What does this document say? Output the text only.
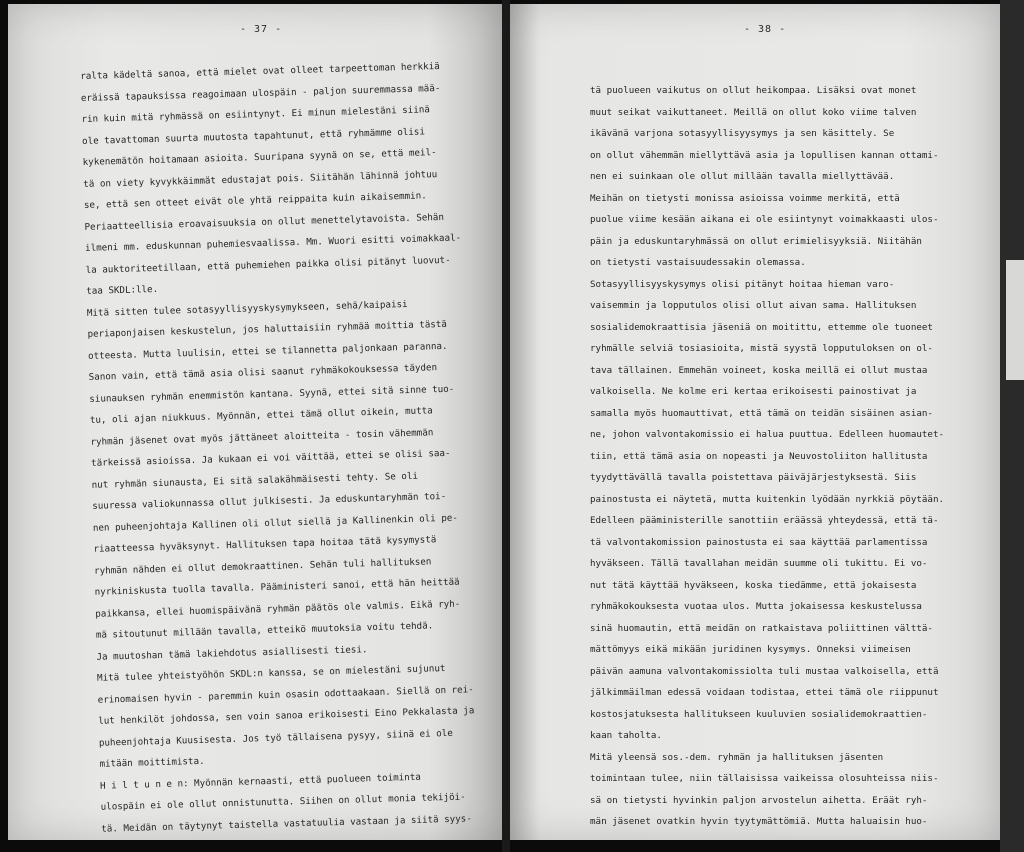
- 37 -
ralta kädeltä sanoa, että mielet ovat olleet tarpeettoman herkkiä
eräissä tapauksissa reagoimaan ulospäin - paljon suuremmassa mää-
rin kuin mitä ryhmässä on esiintynyt. Ei minun mielestäni siinä
ole tavattoman suurta muutosta tapahtunut, että ryhmämme olisi
kykenemätön hoitamaan asioita. Suuripana syynä on se, että meil-
tä on viety kyvykkäimmät edustajat pois. Siitähän lähinnä johtuu
se, että sen otteet eivät ole yhtä reippaita kuin aikaisemmin.
Periaatteellisia eroavaisuuksia on ollut menettelytavoista. Sehän
ilmeni mm. eduskunnan puhemiesvaalissa. Mm. Wuori esitti voimakkaal-
la auktoriteetillaan, että puhemiehen paikka olisi pitänyt luovut-
taa SKDL:lle.
Mitä sitten tulee sotasyyllisyyskysymykseen, sehä/kaipaisi
periaponjaisen keskustelun, jos haluttaisiin ryhmää moittia tästä
otteesta. Mutta luulisin, ettei se tilannetta paljonkaan paranna.
Sanon vain, että tämä asia olisi saanut ryhmäkokouksessa täyden
siunauksen ryhmän enemmistön kantana. Syynä, ettei sitä sinne tuo-
tu, oli ajan niukkuus. Myönnän, ettei tämä ollut oikein, mutta
ryhmän jäsenet ovat myös jättäneet aloitteita - tosin vähemmän
tärkeissä asioissa. Ja kukaan ei voi väittää, ettei se olisi saa-
nut ryhmän siunausta, Ei sitä salakähmäisesti tehty. Se oli
suuressa valiokunnassa ollut julkisesti. Ja eduskuntaryhmän toi-
nen puheenjohtaja Kallinen oli ollut siellä ja Kallinenkin oli pe-
riaatteessa hyväksynyt. Hallituksen tapa hoitaa tätä kysymystä
ryhmän nähden ei ollut demokraattinen. Sehän tuli hallituksen
nyrkiniskusta tuolla tavalla. Pääministeri sanoi, että hän heittää
paikkansa, ellei huomispäivänä ryhmän päätös ole valmis. Eikä ryh-
mä sitoutunut millään tavalla, etteikö muutoksia voitu tehdä.
Ja muutoshan tämä lakiehdotus asiallisesti tiesi.
Mitä tulee yhteistyöhön SKDL:n kanssa, se on mielestäni sujunut
erinomaisen hyvin - paremmin kuin osasin odottaakaan. Siellä on rei-
lut henkilöt johdossa, sen voin sanoa erikoisesti Eino Pekkalasta ja
puheenjohtaja Kuusisesta. Jos työ tällaisena pysyy, siinä ei ole
mitään moittimista.
H i l t u n e n: Myönnän kernaasti, että puolueen toiminta
ulospäin ei ole ollut onnistunutta. Siihen on ollut monia tekijöi-
tä. Meidän on täytynyt taistella vastatuulia vastaan ja siitä syys-
- 38 -
tä puolueen vaikutus on ollut heikompaa. Lisäksi ovat monet
muut seikat vaikuttaneet. Meillä on ollut koko viime talven
ikävänä varjona sotasyyllisyysymys ja sen käsittely. Se
on ollut vähemmän miellyttävä asia ja lopullisen kannan ottami-
nen ei suinkaan ole ollut millään tavalla miellyttävää.
Meihän on tietysti monissa asioissa voimme merkitä, että
puolue viime kesään aikana ei ole esiintynyt voimakkaasti ulos-
päin ja eduskuntaryhmässä on ollut erimielisyyksiä. Niitähän
on tietysti vastaisuudessakin olemassa.
Sotasyyllisyyskysymys olisi pitänyt hoitaa hieman varo-
vaisemmin ja lopputulos olisi ollut aivan sama. Hallituksen
sosialidemokraattisia jäseniä on moitittu, ettemme ole tuoneet
ryhmälle selviä tosiasioita, mistä syystä lopputuloksen on ol-
tava tällainen. Emmehän voineet, koska meillä ei ollut mustaa
valkoisella. Ne kolme eri kertaa erikoisesti painostivat ja
samalla myös huomauttivat, että tämä on teidän sisäinen asian-
ne, johon valvontakomissio ei halua puuttua. Edelleen huomautet-
tiin, että tämä asia on nopeasti ja Neuvostoliiton hallitusta
tyydyttävällä tavalla poistettava päiväjärjestyksestä. Siis
painostusta ei näytetä, mutta kuitenkin lyödään nyrkkiä pöytään.
Edelleen pääministerille sanottiin eräässä yhteydessä, että tä-
tä valvontakomission painostusta ei saa käyttää parlamentissa
hyväkseen. Tällä tavallahan meidän suumme oli tukittu. Ei vo-
nut tätä käyttää hyväkseen, koska tiedämme, että jokaisesta
ryhmäkokouksesta vuotaa ulos. Mutta jokaisessa keskustelussa
sinä huomautin, että meidän on ratkaistava poliittinen välttä-
mättömyys eikä mikään juridinen kysymys. Onneksi viimeisen
päivän aamuna valvontakomissiolta tuli mustaa valkoisella, että
jälkimmäilman edessä voidaan todistaa, ettei tämä ole riippunut
kostosjatuksesta hallitukseen kuuluvien sosialidemokraattien-
kaan taholta.
Mitä yleensä sos.-dem. ryhmän ja hallituksen jäsenten
toimintaan tulee, niin tällaisissa vaikeissa olosuhteissa niis-
sä on tietysti hyvinkin paljon arvostelun aihetta. Eräät ryh-
män jäsenet ovatkin hyvin tyytymättömiä. Mutta haluaisin huo-
